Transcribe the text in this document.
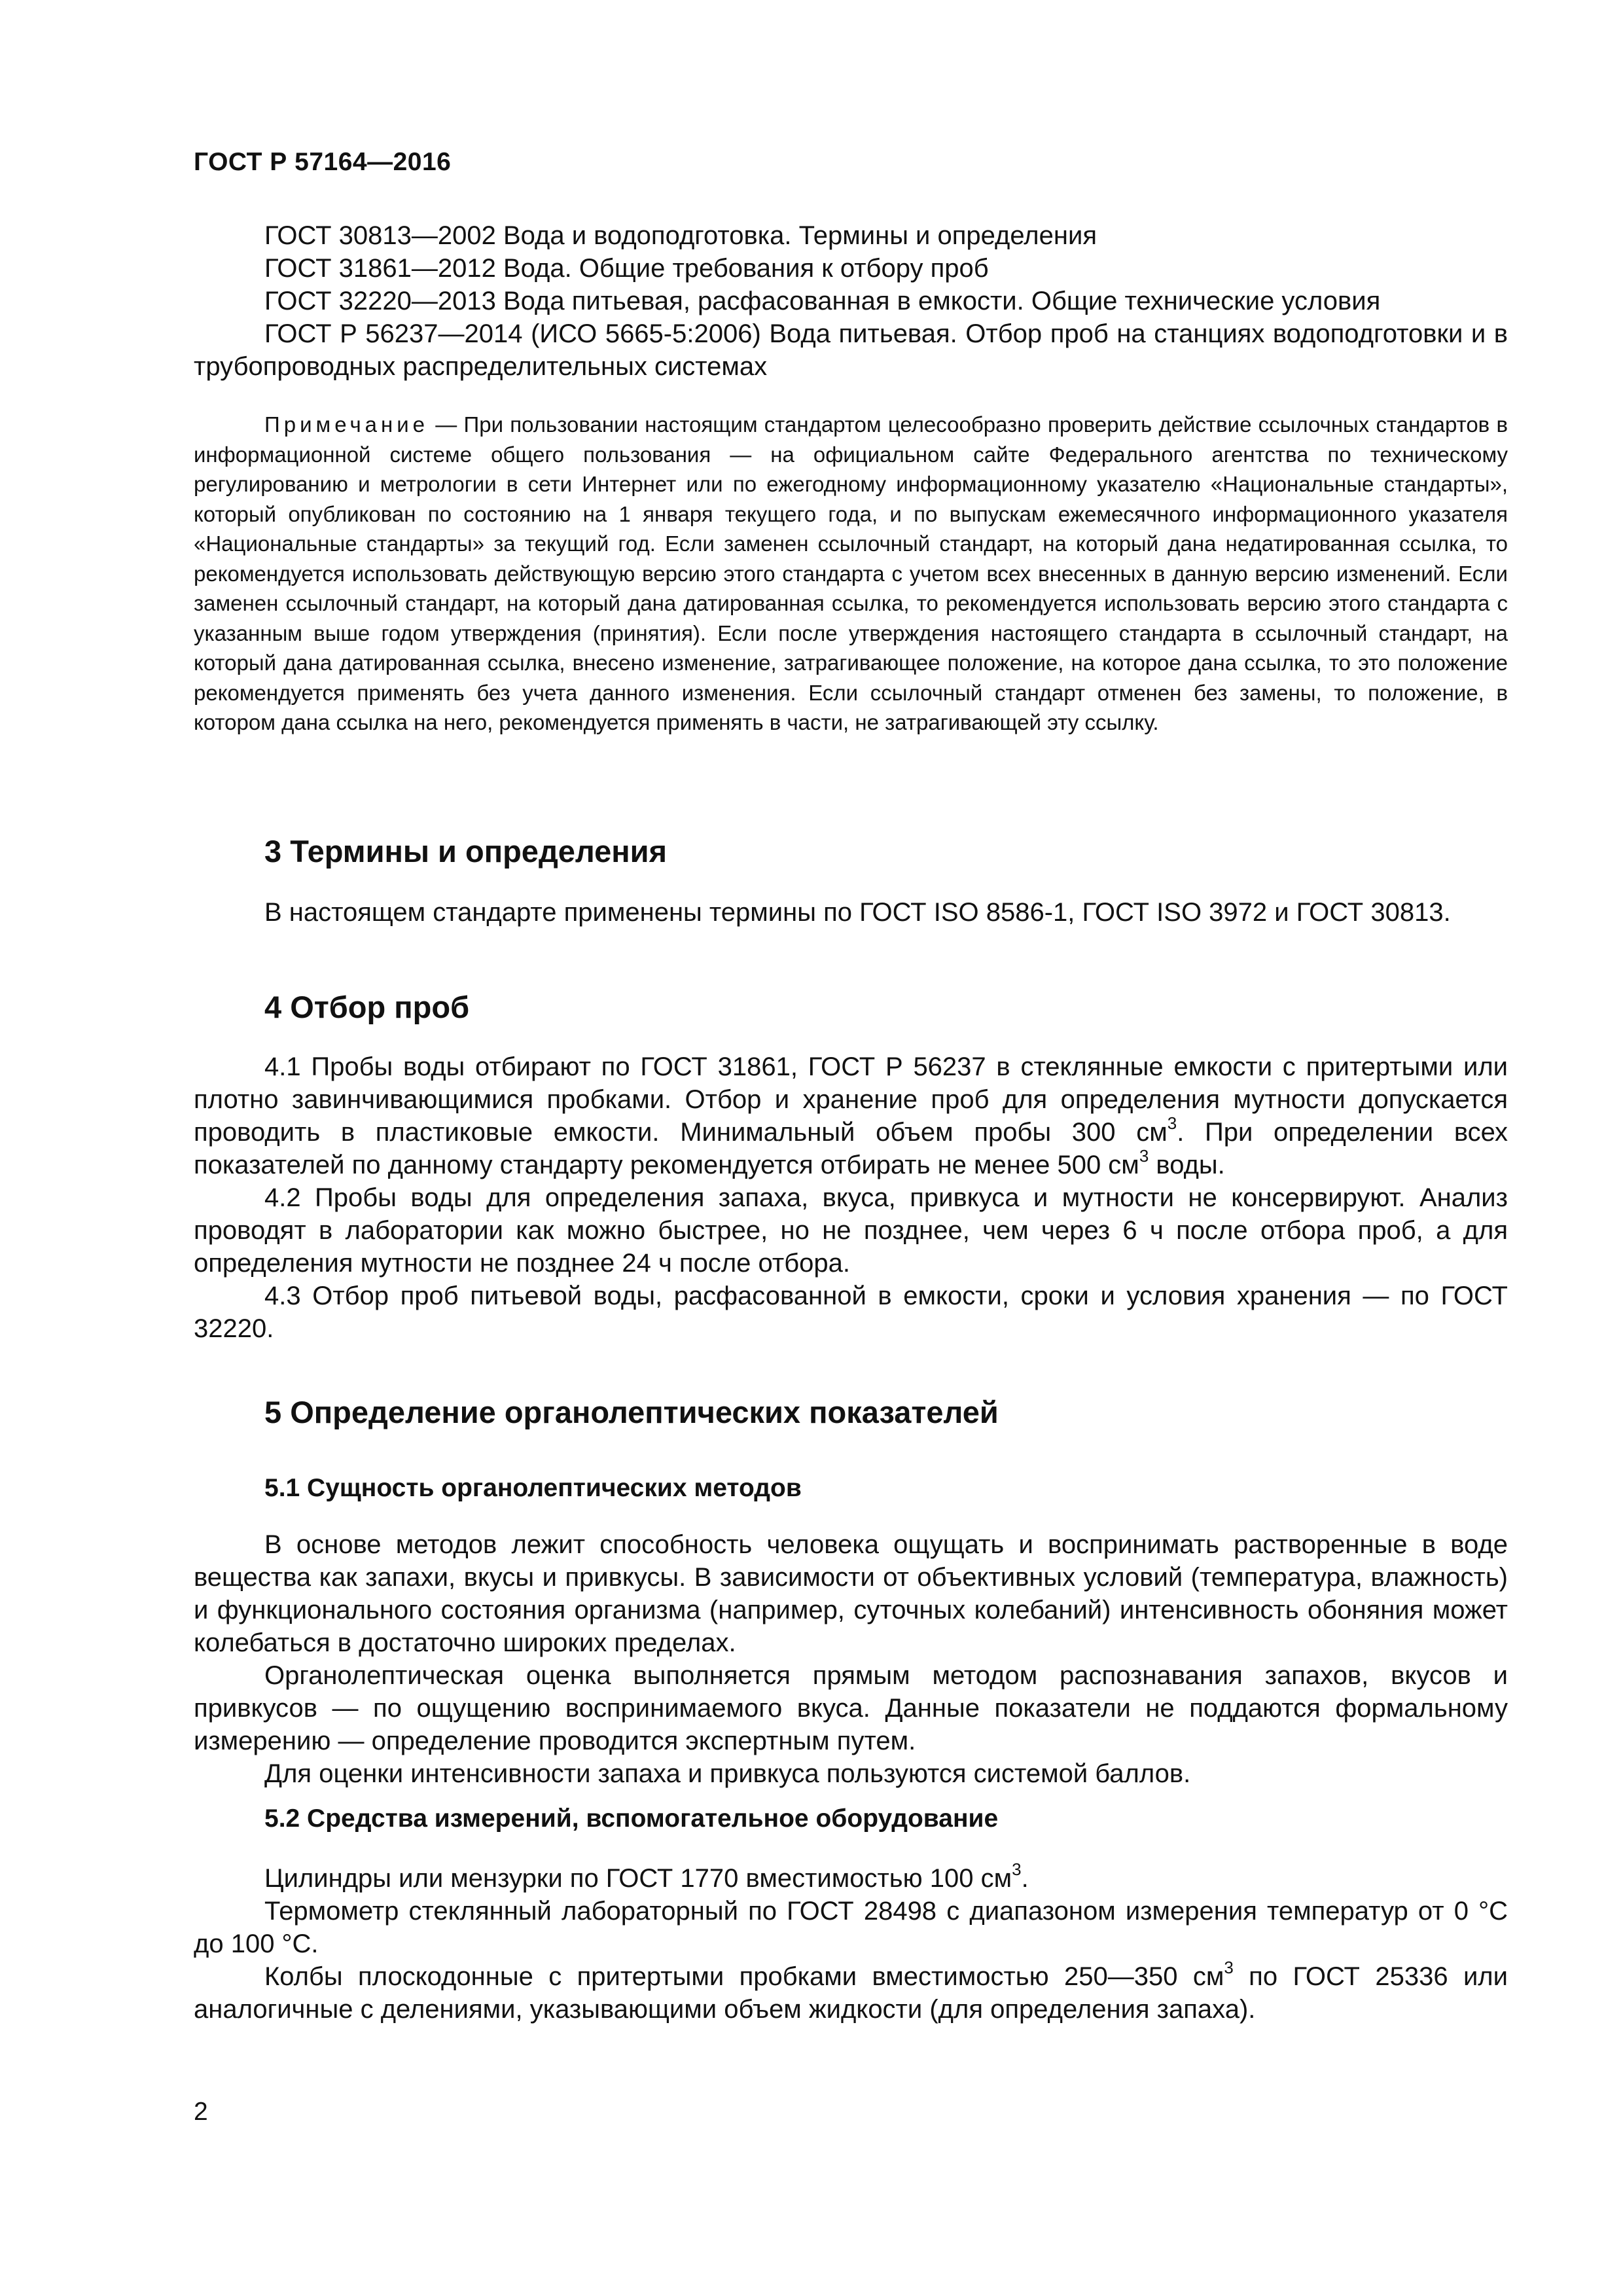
ГОСТ Р 57164—2016

ГОСТ 30813—2002 Вода и водоподготовка. Термины и определения

ГОСТ 31861—2012 Вода. Общие требования к отбору проб

ГОСТ 32220—2013 Вода питьевая, расфасованная в емкости. Общие технические условия

ГОСТ Р 56237—2014 (ИСО 5665-5:2006) Вода питьевая. Отбор проб на станциях водоподготовки и в трубопроводных распределительных системах

Примечание — При пользовании настоящим стандартом целесообразно проверить действие ссылочных стандартов в информационной системе общего пользования — на официальном сайте Федерального агентства по техническому регулированию и метрологии в сети Интернет или по ежегодному информационному указателю «Национальные стандарты», который опубликован по состоянию на 1 января текущего года, и по выпускам ежемесячного информационного указателя «Национальные стандарты» за текущий год. Если заменен ссылочный стандарт, на который дана недатированная ссылка, то рекомендуется использовать действующую версию этого стандарта с учетом всех внесенных в данную версию изменений. Если заменен ссылочный стандарт, на который дана датированная ссылка, то рекомендуется использовать версию этого стандарта с указанным выше годом утверждения (принятия). Если после утверждения настоящего стандарта в ссылочный стандарт, на который дана датированная ссылка, внесено изменение, затрагивающее положение, на которое дана ссылка, то это положение рекомендуется применять без учета данного изменения. Если ссылочный стандарт отменен без замены, то положение, в котором дана ссылка на него, рекомендуется применять в части, не затрагивающей эту ссылку.

3 Термины и определения

В настоящем стандарте применены термины по ГОСТ ISO 8586-1, ГОСТ ISO 3972 и ГОСТ 30813.

4 Отбор проб

4.1 Пробы воды отбирают по ГОСТ 31861, ГОСТ Р 56237 в стеклянные емкости с притертыми или плотно завинчивающимися пробками. Отбор и хранение проб для определения мутности допускается проводить в пластиковые емкости. Минимальный объем пробы 300 $см^3$. При определении всех показателей по данному стандарту рекомендуется отбирать не менее 500 $см^3$ воды.

4.2 Пробы воды для определения запаха, вкуса, привкуса и мутности не консервируют. Анализ проводят в лаборатории как можно быстрее, но не позднее, чем через 6 ч после отбора проб, а для определения мутности не позднее 24 ч после отбора.

4.3 Отбор проб питьевой воды, расфасованной в емкости, сроки и условия хранения — по ГОСТ 32220.

5 Определение органолептических показателей
5.1 Сущность органолептических методов

В основе методов лежит способность человека ощущать и воспринимать растворенные в воде вещества как запахи, вкусы и привкусы. В зависимости от объективных условий (температура, влажность) и функционального состояния организма (например, суточных колебаний) интенсивность обоняния может колебаться в достаточно широких пределах.

Органолептическая оценка выполняется прямым методом распознавания запахов, вкусов и привкусов — по ощущению воспринимаемого вкуса. Данные показатели не поддаются формальному измерению — определение проводится экспертным путем.

Для оценки интенсивности запаха и привкуса пользуются системой баллов.

5.2 Средства измерений, вспомогательное оборудование

Цилиндры или мензурки по ГОСТ 1770 вместимостью 100 $см^3$.

Термометр стеклянный лабораторный по ГОСТ 28498 с диапазоном измерения температур от 0 °С до 100 °С.

Колбы плоскодонные с притертыми пробками вместимостью 250—350 $см^3$ по ГОСТ 25336 или аналогичные с делениями, указывающими объем жидкости (для определения запаха).

2
